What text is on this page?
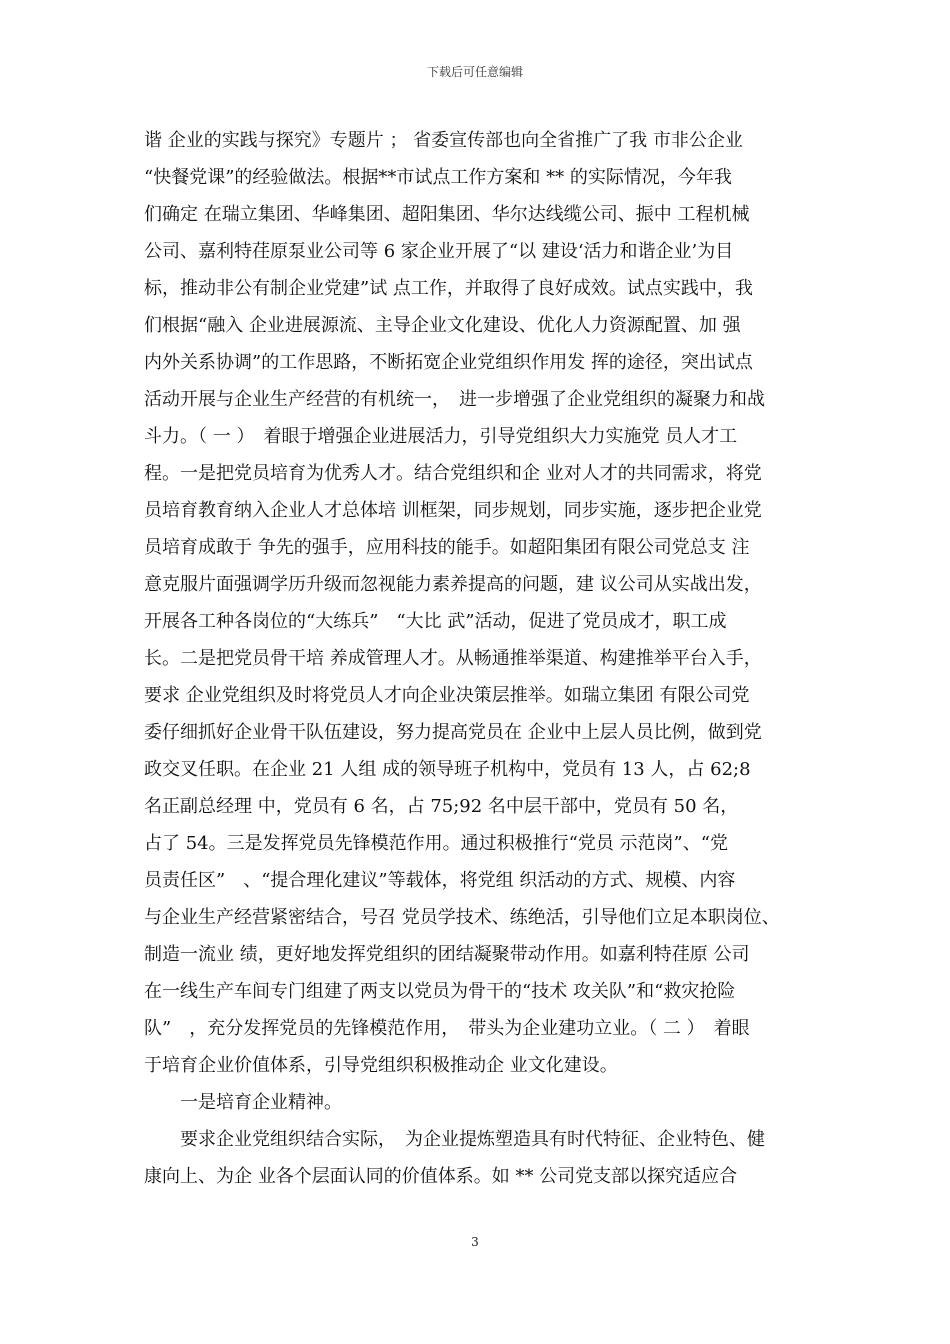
下载后可任意编辑
谐 企业的实践与探究》专题片 ； 省委宣传部也向全省推广了我 市非公企业
“快餐党课”的经验做法。根据**市试点工作方案和 ** 的实际情况，今年我
们确定 在瑞立集团、华峰集团、超阳集团、华尔达线缆公司、振中 工程机械
公司、嘉利特荏原泵业公司等 6 家企业开展了“以 建设‘活力和谐企业’为目
标，推动非公有制企业党建”试 点工作，并取得了良好成效。试点实践中，我
们根据“融入 企业进展源流、主导企业文化建设、优化人力资源配置、加 强
内外关系协调”的工作思路，不断拓宽企业党组织作用发 挥的途径，突出试点
活动开展与企业生产经营的有机统一，　进一步增强了企业党组织的凝聚力和战
斗力。（ 一 ）　着眼于增强企业进展活力，引导党组织大力实施党 员人才工
程。一是把党员培育为优秀人才。结合党组织和企 业对人才的共同需求，将党
员培育教育纳入企业人才总体培 训框架，同步规划，同步实施，逐步把企业党
员培育成敢于 争先的强手，应用科技的能手。如超阳集团有限公司党总支 注
意克服片面强调学历升级而忽视能力素养提高的问题，建 议公司从实战出发，
开展各工种各岗位的“大练兵”　“大比 武”活动，促进了党员成才，职工成
长。二是把党员骨干培 养成管理人才。从畅通推举渠道、构建推举平台入手，
要求 企业党组织及时将党员人才向企业决策层推举。如瑞立集团 有限公司党
委仔细抓好企业骨干队伍建设，努力提高党员在 企业中上层人员比例，做到党
政交叉任职。在企业 21 人组 成的领导班子机构中，党员有 13 人，占 62;8
名正副总经理 中，党员有 6 名，占 75;92 名中层干部中，党员有 50 名，
占了 54。三是发挥党员先锋模范作用。通过积极推行“党员 示范岗”、“党
员责任区”　、“提合理化建议”等载体，将党组 织活动的方式、规模、内容
与企业生产经营紧密结合，号召 党员学技术、练绝活，引导他们立足本职岗位、
制造一流业 绩，更好地发挥党组织的团结凝聚带动作用。如嘉利特荏原 公司
在一线生产车间专门组建了两支以党员为骨干的“技术 攻关队”和“救灾抢险
队”　，充分发挥党员的先锋模范作用，　带头为企业建功立业。（ 二 ）　着眼
于培育企业价值体系，引导党组织积极推动企 业文化建设。
　　一是培育企业精神。
　　要求企业党组织结合实际，　为企业提炼塑造具有时代特征、企业特色、健
康向上、为企 业各个层面认同的价值体系。如 ** 公司党支部以探究适应合
3
